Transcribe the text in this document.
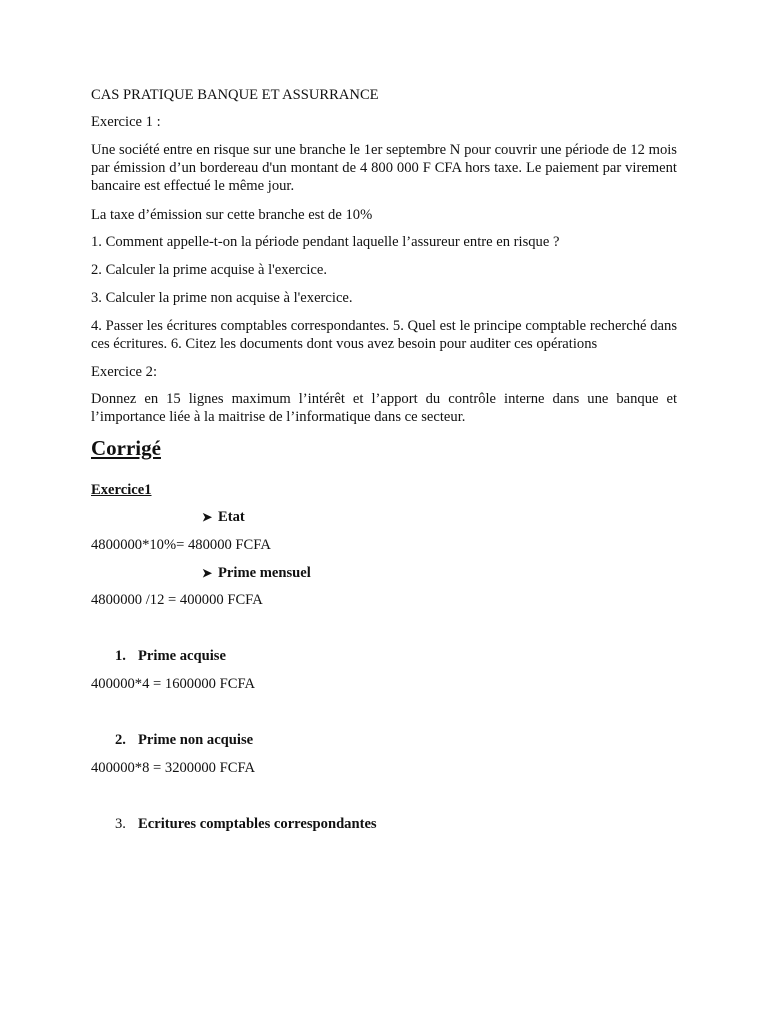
CAS PRATIQUE BANQUE ET ASSURRANCE
Exercice 1 :
Une société entre en risque sur une branche le 1er septembre N pour couvrir une période de 12 mois par émission d’un bordereau d'un montant de 4 800 000 F CFA hors taxe. Le paiement par virement bancaire est effectué le même jour.
La taxe d’émission sur cette branche est de 10%
1. Comment appelle-t-on la période pendant laquelle l’assureur entre en risque ?
2. Calculer la prime acquise à l'exercice.
3. Calculer la prime non acquise à l'exercice.
4. Passer les écritures comptables correspondantes. 5. Quel est le principe comptable recherché dans ces écritures. 6. Citez les documents dont vous avez besoin pour auditer ces opérations
Exercice 2:
Donnez en 15 lignes maximum l’intérêt et l’apport du contrôle interne dans une banque et l’importance liée à la maitrise de l’informatique dans ce secteur.
Corrigé
Exercice1
➤ Etat
4800000*10%= 480000 FCFA
➤ Prime mensuel
4800000 /12 = 400000 FCFA
1. Prime acquise
400000*4 = 1600000 FCFA
2. Prime non acquise
400000*8 = 3200000 FCFA
3. Ecritures comptables correspondantes
